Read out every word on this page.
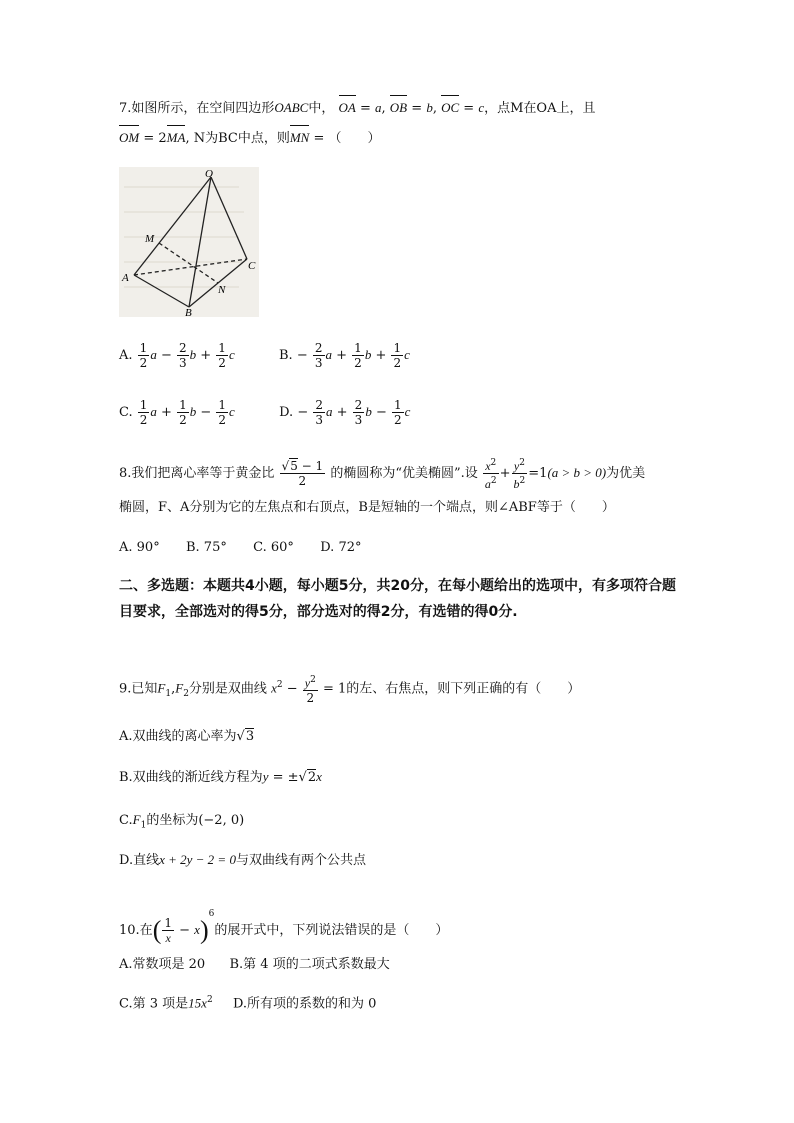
7.如图所示，在空间四边形OABC中， OA = a, OB = b, OC = c，点M在OA上，且
OM = 2MA, N为BC中点，则MN = （　　）
O
M
A
B
C
N
A. $\frac{1}{2}$ $a - \frac{2}{3}$ $b + \frac{1}{2}$ c	B. − $\frac{2}{3}$ $a + \frac{1}{2}$ $b + \frac{1}{2}$ c
C. $\frac{1}{2}$ $a + \frac{1}{2}$ $b - \frac{1}{2}$ c	D. − $\frac{2}{3}$ $a + \frac{2}{3}$ $b - \frac{1}{2}$ c
8.我们把离心率等于黄金比 $\frac{√5 - 1}{2}$ 的椭圆称为“优美椭圆”.设 $\frac{x^2}{a^2} + \frac{y^2}{b^2} =1(a > b > 0)$为优美
椭圆，F、A分别为它的左焦点和右顶点，B是短轴的一个端点，则∠ABF等于（　　）
A. 90° B. 75° C. 60° D. 72°
二、多选题：本题共4小题，每小题5分，共20分，在每小题给出的选项中，有多项符合题目要求，全部选对的得5分，部分选对的得2分，有选错的得0分.
9.已知$F_1,F_2$分别是双曲线 $x^2 - \frac{y^2}{2} = 1$的左、右焦点，则下列正确的有（　　）
A.双曲线的离心率为√3
B.双曲线的渐近线方程为y = ±√2x
$C.F_1$的坐标为(−2, 0)
D.直线x + 2y − 2 = 0与双曲线有两个公共点
10.在( $\frac{1}{x} - x)^6$的展开式中，下列说法错误的是（　　）
A.常数项是 20 B.第 4 项的二项式系数最大
C.第 3 项是$15x^2$ D.所有项的系数的和为 0
